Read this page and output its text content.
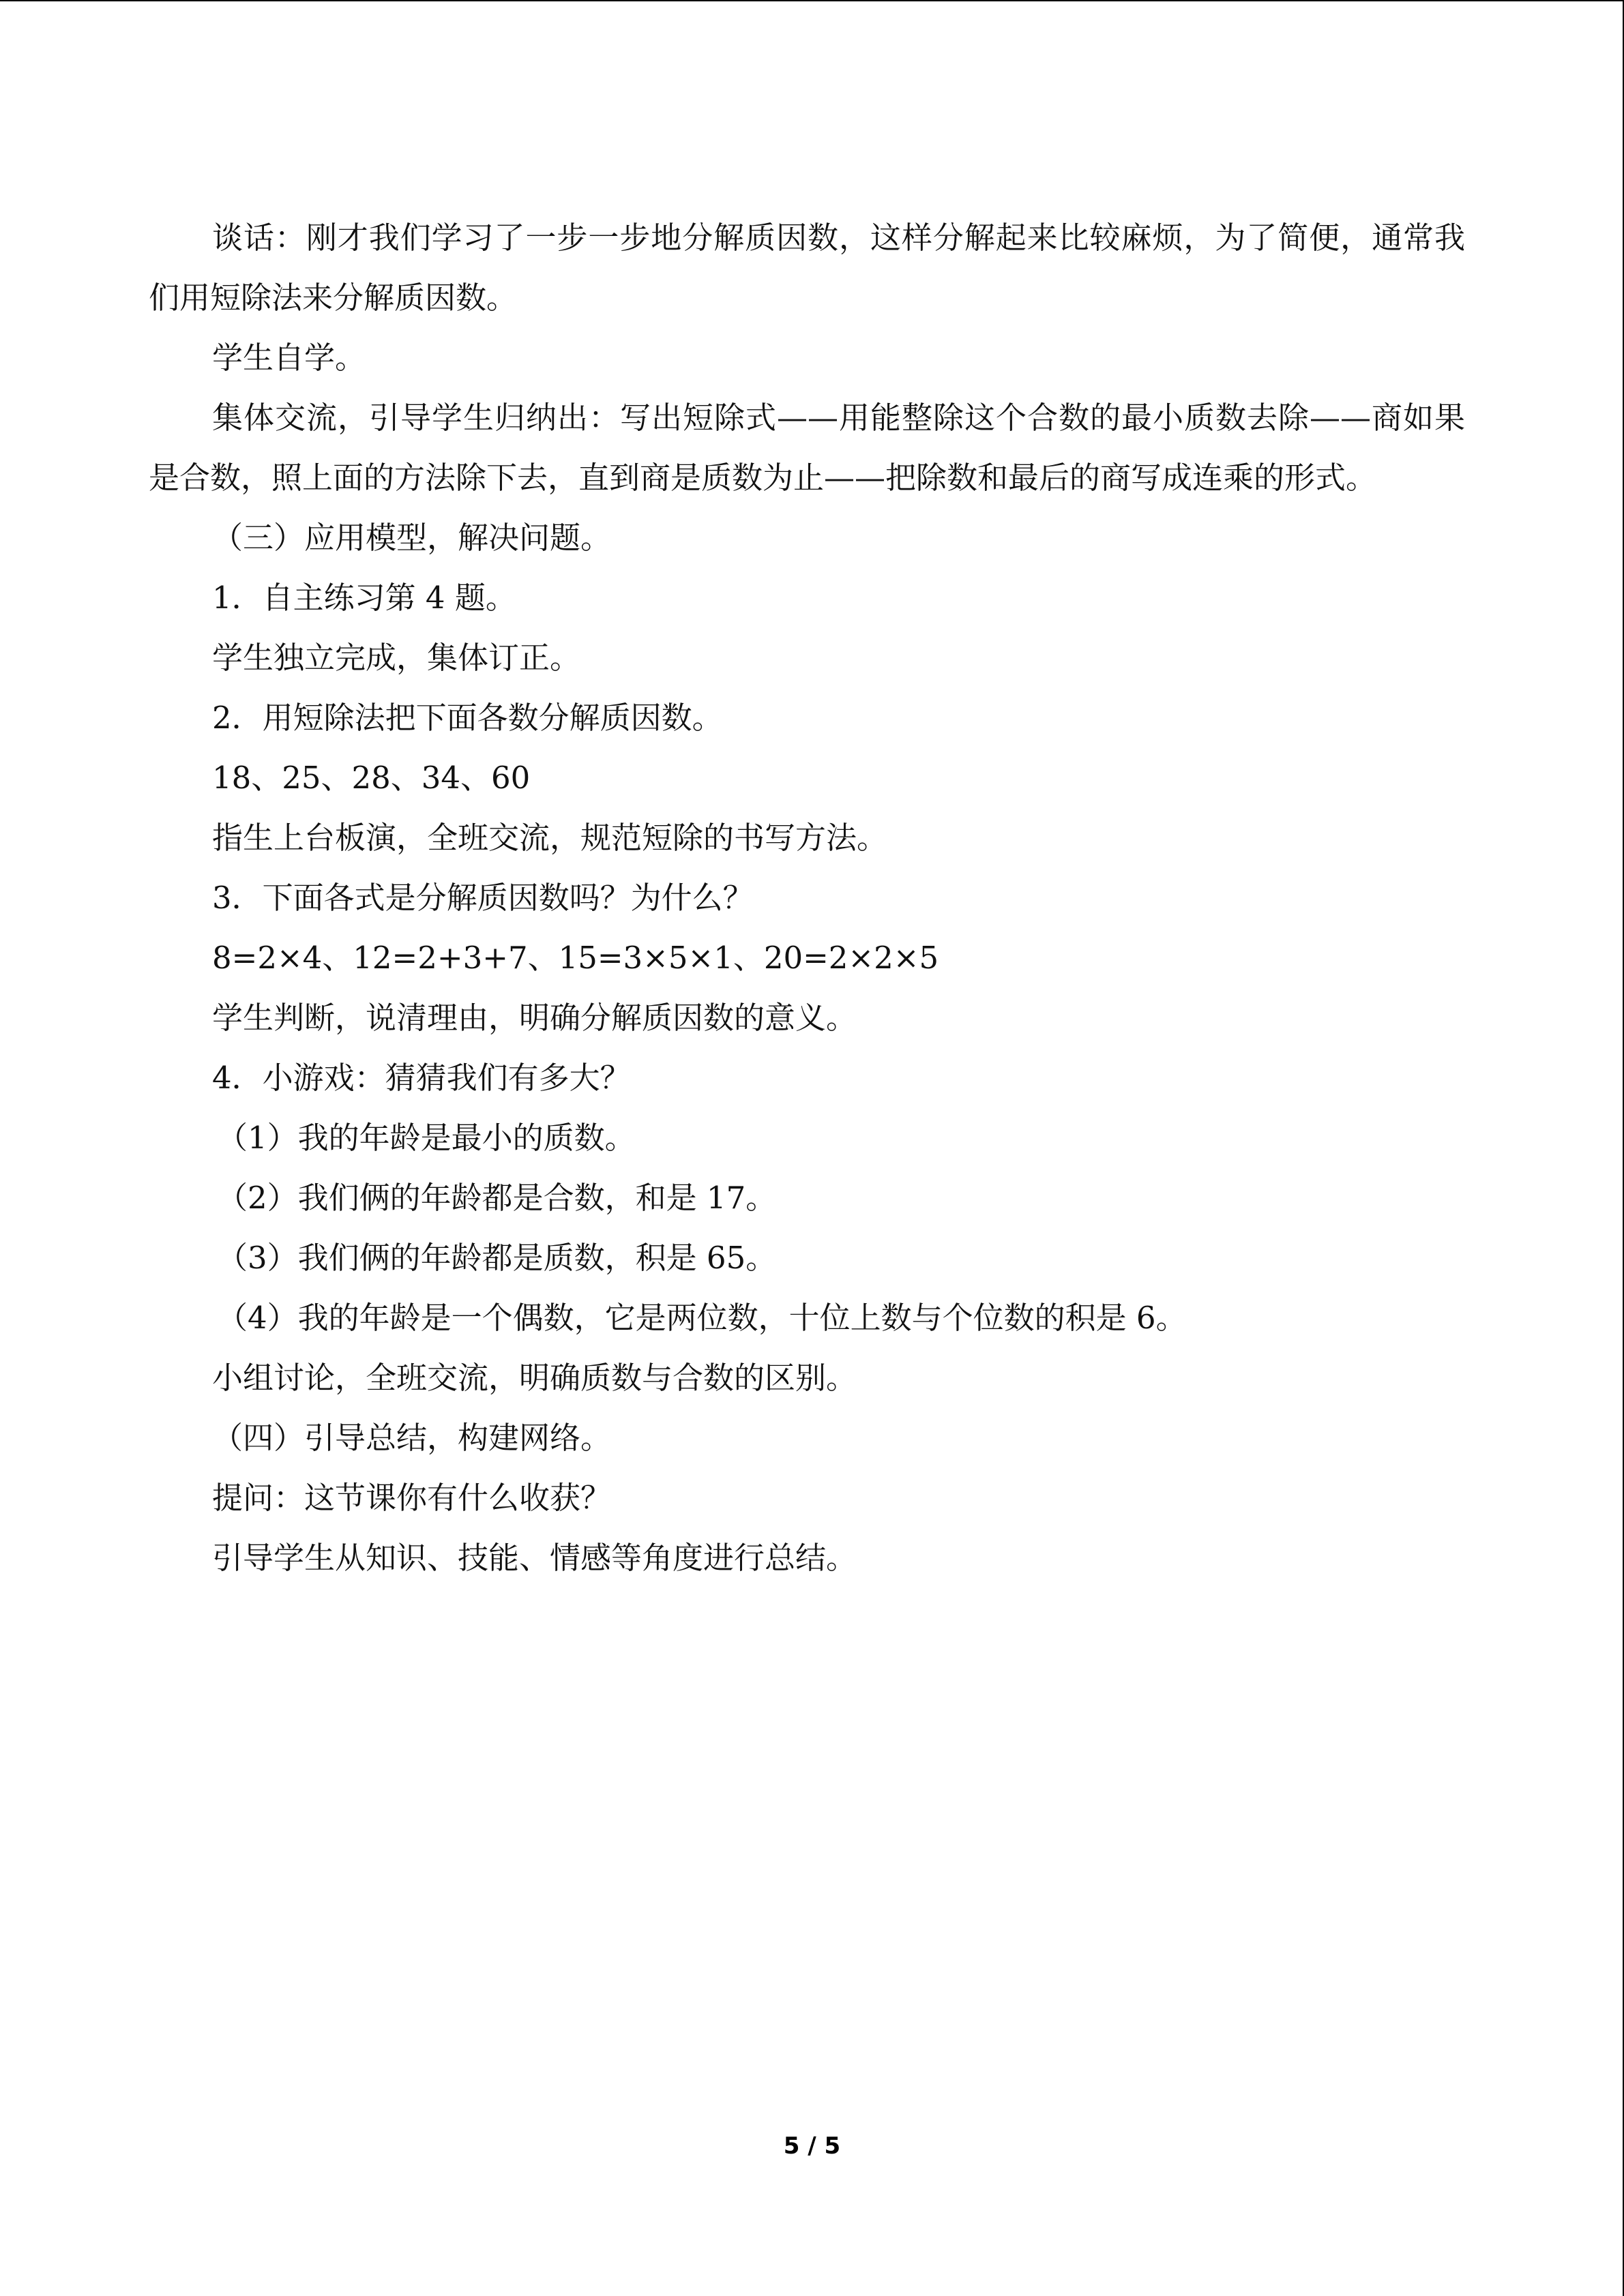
谈话：刚才我们学习了一步一步地分解质因数，这样分解起来比较麻烦，为了简便，通常我们用短除法来分解质因数。

学生自学。

集体交流，引导学生归纳出：写出短除式——用能整除这个合数的最小质数去除——商如果是合数，照上面的方法除下去，直到商是质数为止——把除数和最后的商写成连乘的形式。

（三）应用模型，解决问题。

1．自主练习第 4 题。

学生独立完成，集体订正。

2．用短除法把下面各数分解质因数。

18、25、28、34、60

指生上台板演，全班交流，规范短除的书写方法。

3．下面各式是分解质因数吗？为什么？

8=2×4、12=2+3+7、15=3×5×1、20=2×2×5

学生判断，说清理由，明确分解质因数的意义。

4．小游戏：猜猜我们有多大？

（1）我的年龄是最小的质数。

（2）我们俩的年龄都是合数，和是 17。

（3）我们俩的年龄都是质数，积是 65。

（4）我的年龄是一个偶数，它是两位数，十位上数与个位数的积是 6。

小组讨论，全班交流，明确质数与合数的区别。

（四）引导总结，构建网络。

提问：这节课你有什么收获？

引导学生从知识、技能、情感等角度进行总结。

5 / 5
